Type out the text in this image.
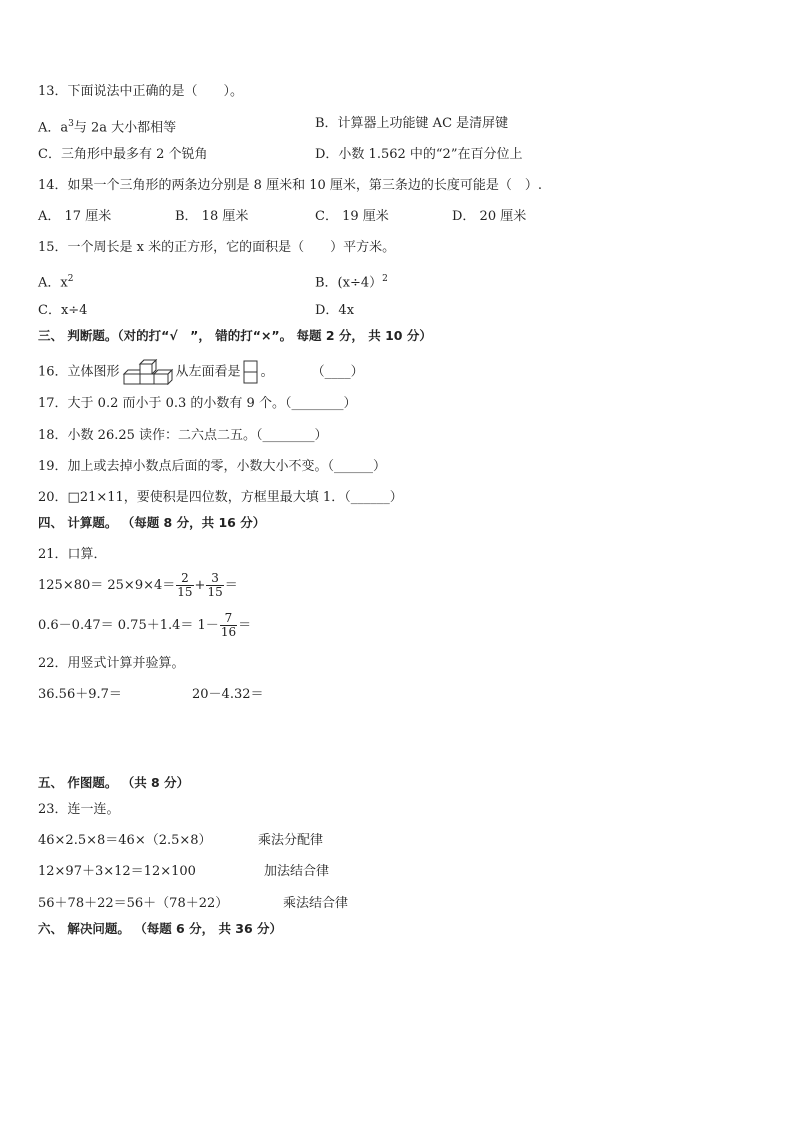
13．下面说法中正确的是（　　）。
A．$a^3$与 2a 大小都相等	B．计算器上功能键 AC 是清屏键
C．三角形中最多有 2 个锐角	D．小数 1.562 中的“2”在百分位上
14．如果一个三角形的两条边分别是 8 厘米和 10 厘米，第三条边的长度可能是（　）.
A． 17 厘米	B． 18 厘米	C． 19 厘米	D． 20 厘米
15．一个周长是 x 米的正方形，它的面积是（　　）平方米。
A．$x^2$	B．(x÷4）$^2$
C．x÷4	D．4x
三、 判断题。（对的打“√　”， 错的打“×”。 每题 2 分， 共 10 分）
16．立体图形	从左面看是 。	（____）
17．大于 0.2 而小于 0.3 的小数有 9 个。（________）
18．小数 26.25 读作：二六点二五。（________）
19．加上或去掉小数点后面的零，小数大小不变。（______）
20．□21×11，要使积是四位数，方框里最大填 1．（______）
四、 计算题。 （每题 8 分，共 16 分）
21．口算．
$125\times 80= 25\times 9\times 4= \frac{2}{15} + \frac{3}{15}$ ＝
$0.6-0.47= 0.75+1.4= 1- \frac{7}{16}$ ＝
22．用竖式计算并验算。
36.56＋9.7＝	20－4.32＝
五、 作图题。 （共 8 分）
23．连一连。
46×2.5×8＝46×（2.5×8）	乘法分配律
12×97＋3×12＝12×100	加法结合律
56＋78＋22＝56＋（78＋22）	乘法结合律
六、 解决问题。 （每题 6 分， 共 36 分）
